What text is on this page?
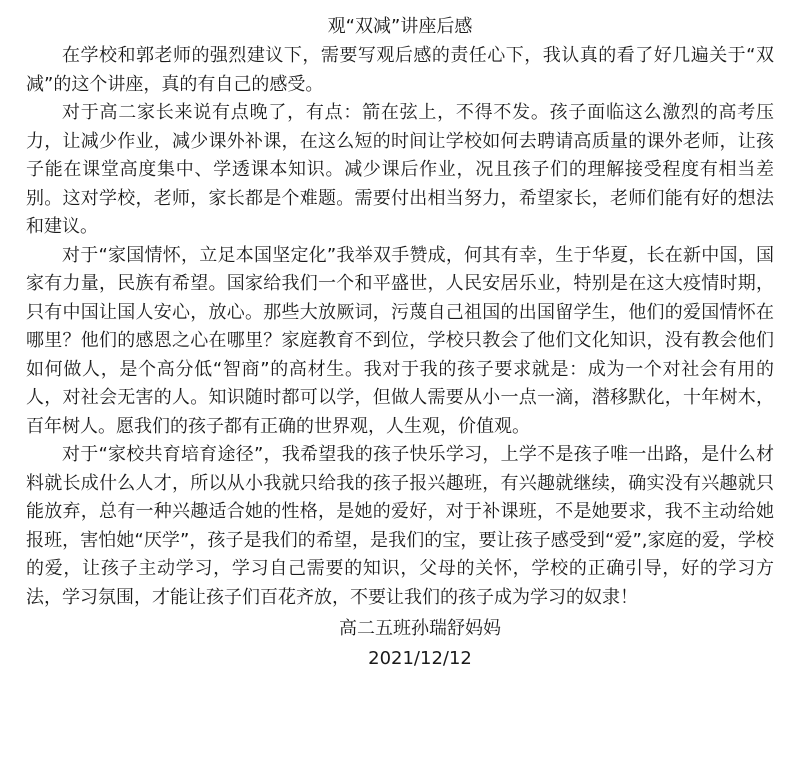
观“双减”讲座后感

在学校和郭老师的强烈建议下，需要写观后感的责任心下，我认真的看了好几遍关于“双减”的这个讲座，真的有自己的感受。

对于高二家长来说有点晚了，有点：箭在弦上，不得不发。孩子面临这么激烈的高考压力，让减少作业，减少课外补课，在这么短的时间让学校如何去聘请高质量的课外老师，让孩子能在课堂高度集中、学透课本知识。减少课后作业，况且孩子们的理解接受程度有相当差别。这对学校，老师，家长都是个难题。需要付出相当努力，希望家长，老师们能有好的想法和建议。

对于“家国情怀，立足本国坚定化”我举双手赞成，何其有幸，生于华夏，长在新中国，国家有力量，民族有希望。国家给我们一个和平盛世，人民安居乐业，特别是在这大疫情时期，只有中国让国人安心，放心。那些大放厥词，污蔑自己祖国的出国留学生，他们的爱国情怀在哪里？他们的感恩之心在哪里？家庭教育不到位，学校只教会了他们文化知识，没有教会他们如何做人，是个高分低“智商”的高材生。我对于我的孩子要求就是：成为一个对社会有用的人，对社会无害的人。知识随时都可以学，但做人需要从小一点一滴，潜移默化，十年树木，百年树人。愿我们的孩子都有正确的世界观，人生观，价值观。

对于“家校共育培育途径”，我希望我的孩子快乐学习，上学不是孩子唯一出路，是什么材料就长成什么人才，所以从小我就只给我的孩子报兴趣班，有兴趣就继续，确实没有兴趣就只能放弃，总有一种兴趣适合她的性格，是她的爱好，对于补课班，不是她要求，我不主动给她报班，害怕她“厌学”，孩子是我们的希望，是我们的宝，要让孩子感受到“爱”,家庭的爱，学校的爱，让孩子主动学习，学习自己需要的知识，父母的关怀，学校的正确引导，好的学习方法，学习氛围，才能让孩子们百花齐放，不要让我们的孩子成为学习的奴隶！

高二五班孙瑞舒妈妈
2021/12/12
